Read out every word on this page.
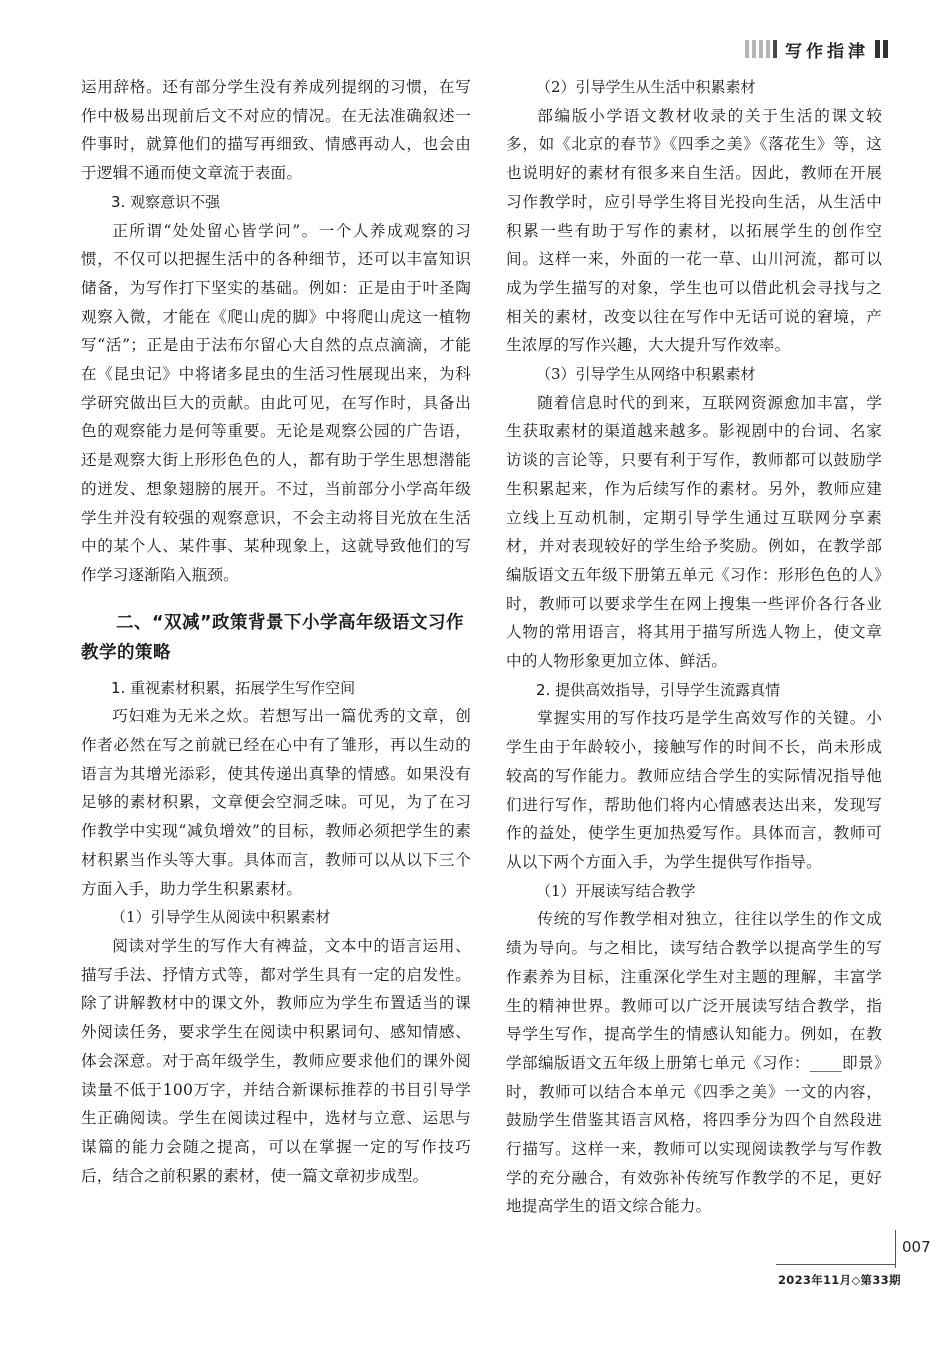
写作指津

运用辞格。还有部分学生没有养成列提纲的习惯，在写作中极易出现前后文不对应的情况。在无法准确叙述一件事时，就算他们的描写再细致、情感再动人，也会由于逻辑不通而使文章流于表面。

3. 观察意识不强

正所谓“处处留心皆学问”。一个人养成观察的习惯，不仅可以把握生活中的各种细节，还可以丰富知识储备，为写作打下坚实的基础。例如：正是由于叶圣陶观察入微，才能在《爬山虎的脚》中将爬山虎这一植物写“活”；正是由于法布尔留心大自然的点点滴滴，才能在《昆虫记》中将诸多昆虫的生活习性展现出来，为科学研究做出巨大的贡献。由此可见，在写作时，具备出色的观察能力是何等重要。无论是观察公园的广告语，还是观察大街上形形色色的人，都有助于学生思想潜能的迸发、想象翅膀的展开。不过，当前部分小学高年级学生并没有较强的观察意识，不会主动将目光放在生活中的某个人、某件事、某种现象上，这就导致他们的写作学习逐渐陷入瓶颈。

二、“双减”政策背景下小学高年级语文习作教学的策略

1. 重视素材积累，拓展学生写作空间

巧妇难为无米之炊。若想写出一篇优秀的文章，创作者必然在写之前就已经在心中有了雏形，再以生动的语言为其增光添彩，使其传递出真挚的情感。如果没有足够的素材积累，文章便会空洞乏味。可见，为了在习作教学中实现“减负增效”的目标，教师必须把学生的素材积累当作头等大事。具体而言，教师可以从以下三个方面入手，助力学生积累素材。

（1）引导学生从阅读中积累素材

阅读对学生的写作大有裨益，文本中的语言运用、描写手法、抒情方式等，都对学生具有一定的启发性。除了讲解教材中的课文外，教师应为学生布置适当的课外阅读任务，要求学生在阅读中积累词句、感知情感、体会深意。对于高年级学生，教师应要求他们的课外阅读量不低于100万字，并结合新课标推荐的书目引导学生正确阅读。学生在阅读过程中，选材与立意、运思与谋篇的能力会随之提高，可以在掌握一定的写作技巧后，结合之前积累的素材，使一篇文章初步成型。

（2）引导学生从生活中积累素材

部编版小学语文教材收录的关于生活的课文较多，如《北京的春节》《四季之美》《落花生》等，这也说明好的素材有很多来自生活。因此，教师在开展习作教学时，应引导学生将目光投向生活，从生活中积累一些有助于写作的素材，以拓展学生的创作空间。这样一来，外面的一花一草、山川河流，都可以成为学生描写的对象，学生也可以借此机会寻找与之相关的素材，改变以往在写作中无话可说的窘境，产生浓厚的写作兴趣，大大提升写作效率。

（3）引导学生从网络中积累素材

随着信息时代的到来，互联网资源愈加丰富，学生获取素材的渠道越来越多。影视剧中的台词、名家访谈的言论等，只要有利于写作，教师都可以鼓励学生积累起来，作为后续写作的素材。另外，教师应建立线上互动机制，定期引导学生通过互联网分享素材，并对表现较好的学生给予奖励。例如，在教学部编版语文五年级下册第五单元《习作：形形色色的人》时，教师可以要求学生在网上搜集一些评价各行各业人物的常用语言，将其用于描写所选人物上，使文章中的人物形象更加立体、鲜活。

2. 提供高效指导，引导学生流露真情

掌握实用的写作技巧是学生高效写作的关键。小学生由于年龄较小，接触写作的时间不长，尚未形成较高的写作能力。教师应结合学生的实际情况指导他们进行写作，帮助他们将内心情感表达出来，发现写作的益处，使学生更加热爱写作。具体而言，教师可从以下两个方面入手，为学生提供写作指导。

（1）开展读写结合教学

传统的写作教学相对独立，往往以学生的作文成绩为导向。与之相比，读写结合教学以提高学生的写作素养为目标，注重深化学生对主题的理解，丰富学生的精神世界。教师可以广泛开展读写结合教学，指导学生写作，提高学生的情感认知能力。例如，在教学部编版语文五年级上册第七单元《习作：____即景》时，教师可以结合本单元《四季之美》一文的内容，鼓励学生借鉴其语言风格，将四季分为四个自然段进行描写。这样一来，教师可以实现阅读教学与写作教学的充分融合，有效弥补传统写作教学的不足，更好地提高学生的语文综合能力。

007
2023年11月◇第33期
